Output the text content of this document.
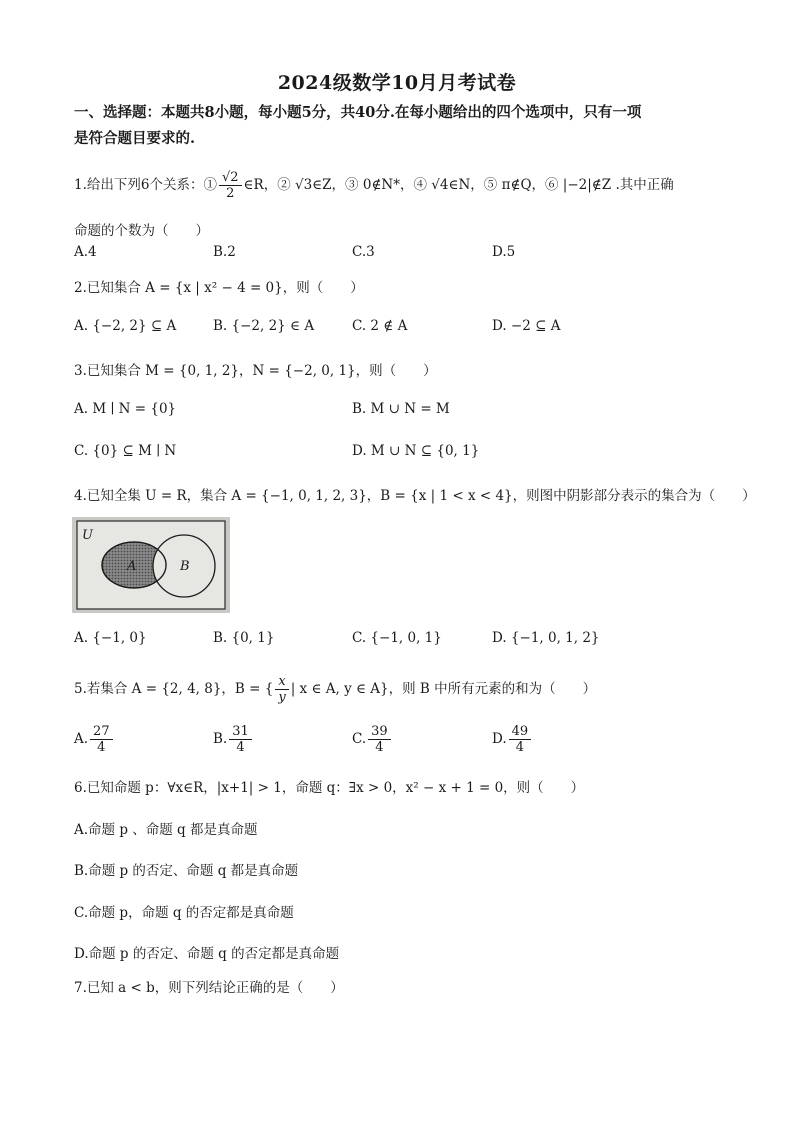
2024级数学10月月考试卷
一、选择题：本题共8小题，每小题5分，共40分.在每小题给出的四个选项中，只有一项
是符合题目要求的.
1.给出下列6个关系：① $\frac{√2}{2}$ ∈R，② √3∈Z，③ 0∉N*，④ √4∈N，⑤ π∉Q，⑥ |−2|∉Z .其中正确
命题的个数为（　　）
A.4	B.2	C.3	D.5
2.已知集合 A = {x | x² − 4 = 0}，则（　　）
A. {−2, 2} ⊆ A	B. {−2, 2} ∈ A	C. 2 ∉ A	D. −2 ⊆ A
3.已知集合 M = {0, 1, 2}，N = {−2, 0, 1}，则（　　）
A. M ∣ N = {0}	B. M ∪ N = M
C. {0} ⊆ M ∣ N	D. M ∪ N ⊆ {0, 1}
4.已知全集 U = R，集合 A = {−1, 0, 1, 2, 3}，B = {x | 1 < x < 4}，则图中阴影部分表示的集合为（　　）
U
A	B
A. {−1, 0}	B. {0, 1}	C. {−1, 0, 1}	D. {−1, 0, 1, 2}
5.若集合 A = {2, 4, 8}，B = { $\frac{x}{y}$ | x ∈ A, y ∈ A}，则 B 中所有元素的和为（　　）
A. $\frac{27}{4}$	B. $\frac{31}{4}$	C. $\frac{39}{4}$	D. $\frac{49}{4}$
6.已知命题 p：∀x∈R，|x+1| > 1，命题 q：∃x > 0，x² − x + 1 = 0，则（　　）
A.命题 p 、命题 q 都是真命题
B.命题 p 的否定、命题 q 都是真命题
C.命题 p，命题 q 的否定都是真命题
D.命题 p 的否定、命题 q 的否定都是真命题
7.已知 a < b，则下列结论正确的是（　　）
